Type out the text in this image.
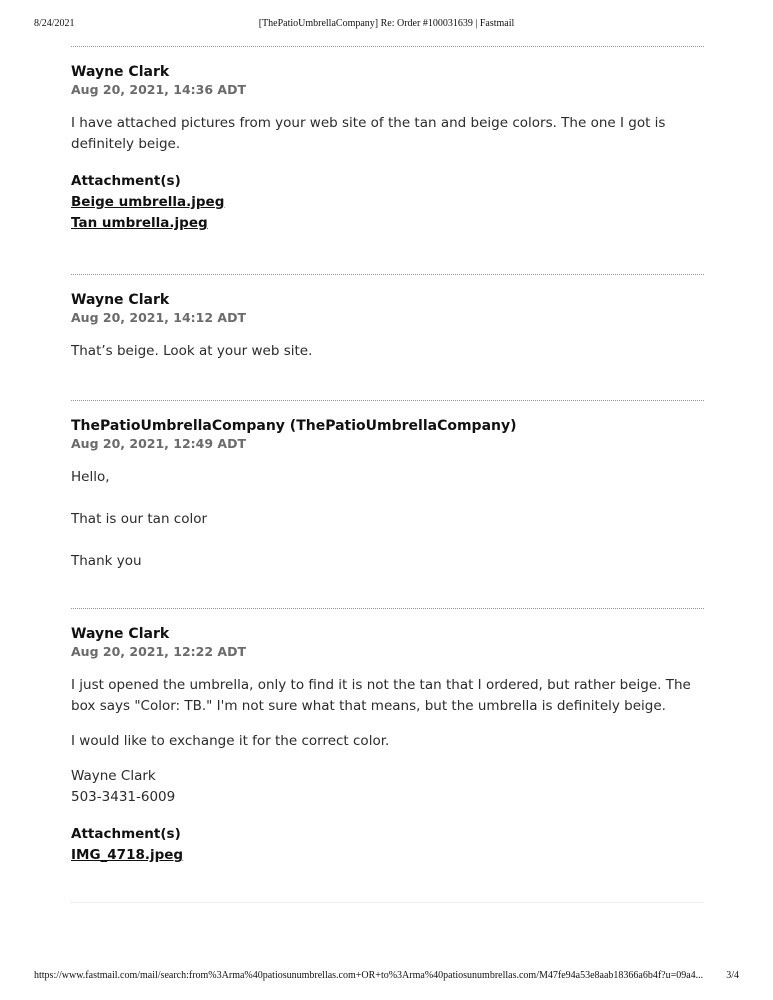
8/24/2021	[ThePatioUmbrellaCompany] Re: Order #100031639 | Fastmail
Wayne Clark
Aug 20, 2021, 14:36 ADT

I have attached pictures from your web site of the tan and beige colors. The one I got is definitely beige.

Attachment(s)
Beige umbrella.jpeg
Tan umbrella.jpeg
Wayne Clark
Aug 20, 2021, 14:12 ADT

That’s beige. Look at your web site.

ThePatioUmbrellaCompany (ThePatioUmbrellaCompany)
Aug 20, 2021, 12:49 ADT

Hello,

That is our tan color

Thank you

Wayne Clark
Aug 20, 2021, 12:22 ADT

I just opened the umbrella, only to find it is not the tan that I ordered, but rather beige. The box says "Color: TB." I'm not sure what that means, but the umbrella is definitely beige.

I would like to exchange it for the correct color.

Wayne Clark

503-3431-6009

Attachment(s)
IMG_4718.jpeg
https://www.fastmail.com/mail/search:from%3Arma%40patiosunumbrellas.com+OR+to%3Arma%40patiosunumbrellas.com/M47fe94a53e8aab18366a6b4f?u=09a4... 3/4
